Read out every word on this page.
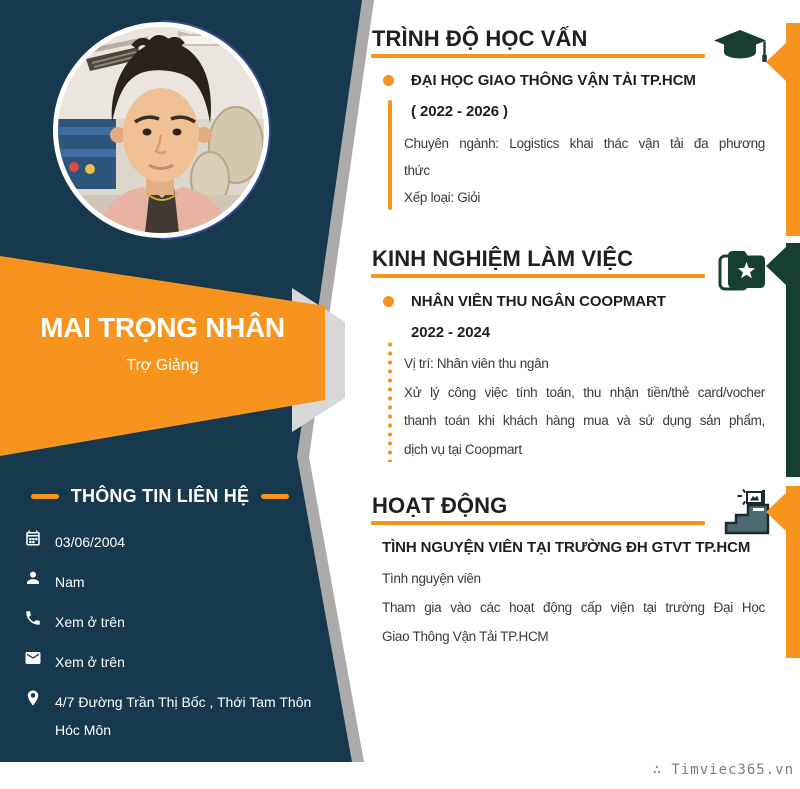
MAI TRỌNG NHÂN
Trợ Giảng
THÔNG TIN LIÊN HỆ
03/06/2004
Nam
Xem ở trên
Xem ở trên
4/7 Đường Trần Thị Bốc , Thới Tam Thôn
Hóc Môn
TRÌNH ĐỘ HỌC VẤN
ĐẠI HỌC GIAO THÔNG VẬN TẢI TP.HCM
( 2022 - 2026 )
Chuyên ngành: Logistics khai thác vận tải đa phương
thức
Xếp loại: Giỏi
KINH NGHIỆM LÀM VIỆC
NHÂN VIÊN THU NGÂN COOPMART
2022 - 2024
Vị trí: Nhân viên thu ngân
Xử lý công việc tính toán, thu nhận tiền/thẻ card/vocher
thanh toán khi khách hàng mua và sử dụng sản phẩm,
dịch vụ tại Coopmart
HOẠT ĐỘNG
TÌNH NGUYỆN VIÊN TẠI TRƯỜNG ĐH GTVT TP.HCM
Tình nguyện viên
Tham gia vào các hoạt động cấp viện tại trường Đại Học
Giao Thông Vận Tải TP.HCM
∴ Timviec365.vn
